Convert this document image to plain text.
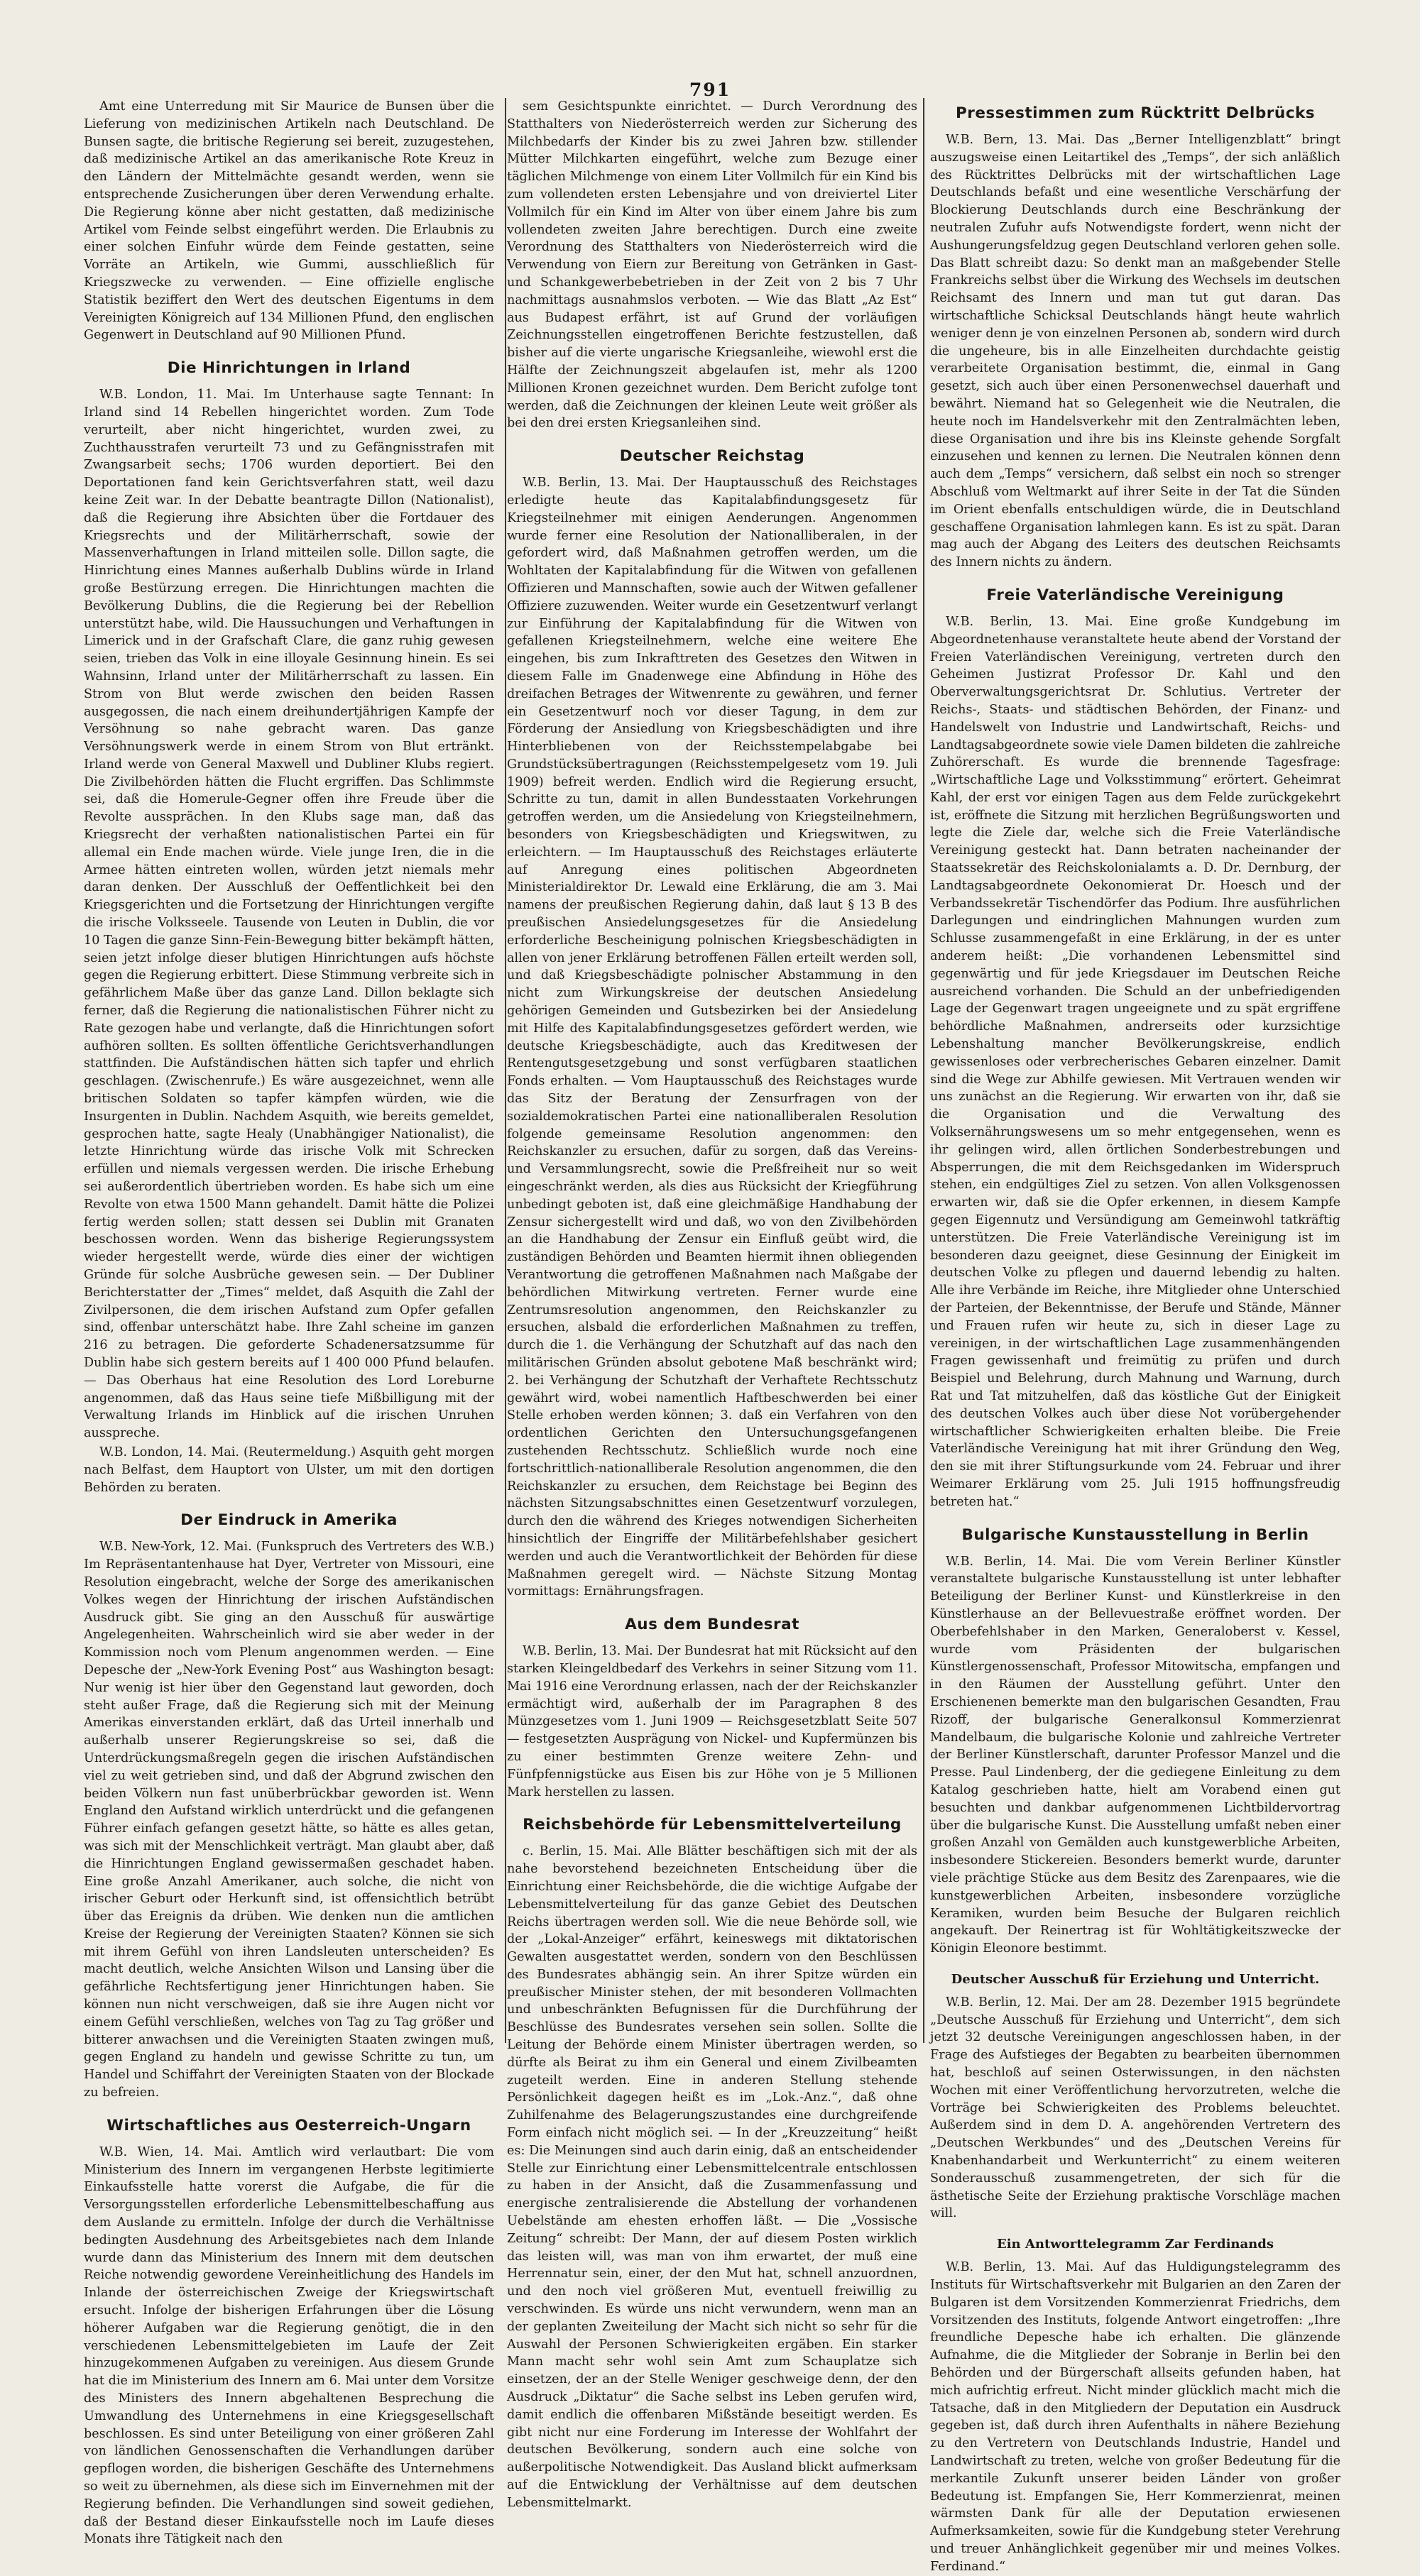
791

Amt eine Unterredung mit Sir Maurice de Bunsen über die Lieferung von medizinischen Artikeln nach Deutschland. De Bunsen sagte, die britische Regierung sei bereit, zuzugestehen, daß medizinische Artikel an das amerikanische Rote Kreuz in den Ländern der Mittelmächte gesandt werden, wenn sie entsprechende Zusicherungen über deren Verwendung erhalte. Die Regierung könne aber nicht gestatten, daß medizinische Artikel vom Feinde selbst eingeführt werden. Die Erlaubnis zu einer solchen Einfuhr würde dem Feinde gestatten, seine Vorräte an Artikeln, wie Gummi, ausschließlich für Kriegszwecke zu verwenden. — Eine offizielle englische Statistik beziffert den Wert des deutschen Eigentums in dem Vereinigten Königreich auf 134 Millionen Pfund, den englischen Gegenwert in Deutschland auf 90 Millionen Pfund.

Die Hinrichtungen in Irland

W.B. London, 11. Mai. Im Unterhause sagte Tennant: In Irland sind 14 Rebellen hingerichtet worden. Zum Tode verurteilt, aber nicht hingerichtet, wurden zwei, zu Zuchthausstrafen verurteilt 73 und zu Gefängnisstrafen mit Zwangsarbeit sechs; 1706 wurden deportiert. Bei den Deportationen fand kein Gerichtsverfahren statt, weil dazu keine Zeit war. In der Debatte beantragte Dillon (Nationalist), daß die Regierung ihre Absichten über die Fortdauer des Kriegsrechts und der Militärherrschaft, sowie der Massenverhaftungen in Irland mitteilen solle. Dillon sagte, die Hinrichtung eines Mannes außerhalb Dublins würde in Irland große Bestürzung erregen. Die Hinrichtungen machten die Bevölkerung Dublins, die die Regierung bei der Rebellion unterstützt habe, wild. Die Haussuchungen und Verhaftungen in Limerick und in der Grafschaft Clare, die ganz ruhig gewesen seien, trieben das Volk in eine illoyale Gesinnung hinein. Es sei Wahnsinn, Irland unter der Militärherrschaft zu lassen. Ein Strom von Blut werde zwischen den beiden Rassen ausgegossen, die nach einem dreihundertjährigen Kampfe der Versöhnung so nahe gebracht waren. Das ganze Versöhnungswerk werde in einem Strom von Blut ertränkt. Irland werde von General Maxwell und Dubliner Klubs regiert. Die Zivilbehörden hätten die Flucht ergriffen. Das Schlimmste sei, daß die Homerule-Gegner offen ihre Freude über die Revolte aussprächen. In den Klubs sage man, daß das Kriegsrecht der verhaßten nationalistischen Partei ein für allemal ein Ende machen würde. Viele junge Iren, die in die Armee hätten eintreten wollen, würden jetzt niemals mehr daran denken. Der Ausschluß der Oeffentlichkeit bei den Kriegsgerichten und die Fortsetzung der Hinrichtungen vergifte die irische Volksseele. Tausende von Leuten in Dublin, die vor 10 Tagen die ganze Sinn-Fein-Bewegung bitter bekämpft hätten, seien jetzt infolge dieser blutigen Hinrichtungen aufs höchste gegen die Regierung erbittert. Diese Stimmung verbreite sich in gefährlichem Maße über das ganze Land. Dillon beklagte sich ferner, daß die Regierung die nationalistischen Führer nicht zu Rate gezogen habe und verlangte, daß die Hinrichtungen sofort aufhören sollten. Es sollten öffentliche Gerichtsverhandlungen stattfinden. Die Aufständischen hätten sich tapfer und ehrlich geschlagen. (Zwischenrufe.) Es wäre ausgezeichnet, wenn alle britischen Soldaten so tapfer kämpfen würden, wie die Insurgenten in Dublin. Nachdem Asquith, wie bereits gemeldet, gesprochen hatte, sagte Healy (Unabhängiger Nationalist), die letzte Hinrichtung würde das irische Volk mit Schrecken erfüllen und niemals vergessen werden. Die irische Erhebung sei außerordentlich übertrieben worden. Es habe sich um eine Revolte von etwa 1500 Mann gehandelt. Damit hätte die Polizei fertig werden sollen; statt dessen sei Dublin mit Granaten beschossen worden. Wenn das bisherige Regierungssystem wieder hergestellt werde, würde dies einer der wichtigen Gründe für solche Ausbrüche gewesen sein. — Der Dubliner Berichterstatter der „Times“ meldet, daß Asquith die Zahl der Zivilpersonen, die dem irischen Aufstand zum Opfer gefallen sind, offenbar unterschätzt habe. Ihre Zahl scheine im ganzen 216 zu betragen. Die geforderte Schadenersatzsumme für Dublin habe sich gestern bereits auf 1 400 000 Pfund belaufen. — Das Oberhaus hat eine Resolution des Lord Loreburne angenommen, daß das Haus seine tiefe Mißbilligung mit der Verwaltung Irlands im Hinblick auf die irischen Unruhen ausspreche.

W.B. London, 14. Mai. (Reutermeldung.) Asquith geht morgen nach Belfast, dem Hauptort von Ulster, um mit den dortigen Behörden zu beraten.

Der Eindruck in Amerika

W.B. New-York, 12. Mai. (Funkspruch des Vertreters des W.B.) Im Repräsentantenhause hat Dyer, Vertreter von Missouri, eine Resolution eingebracht, welche der Sorge des amerikanischen Volkes wegen der Hinrichtung der irischen Aufständischen Ausdruck gibt. Sie ging an den Ausschuß für auswärtige Angelegenheiten. Wahrscheinlich wird sie aber weder in der Kommission noch vom Plenum angenommen werden. — Eine Depesche der „New-York Evening Post“ aus Washington besagt: Nur wenig ist hier über den Gegenstand laut geworden, doch steht außer Frage, daß die Regierung sich mit der Meinung Amerikas einverstanden erklärt, daß das Urteil innerhalb und außerhalb unserer Regierungskreise so sei, daß die Unterdrückungsmaßregeln gegen die irischen Aufständischen viel zu weit getrieben sind, und daß der Abgrund zwischen den beiden Völkern nun fast unüberbrückbar geworden ist. Wenn England den Aufstand wirklich unterdrückt und die gefangenen Führer einfach gefangen gesetzt hätte, so hätte es alles getan, was sich mit der Menschlichkeit verträgt. Man glaubt aber, daß die Hinrichtungen England gewissermaßen geschadet haben. Eine große Anzahl Amerikaner, auch solche, die nicht von irischer Geburt oder Herkunft sind, ist offensichtlich betrübt über das Ereignis da drüben. Wie denken nun die amtlichen Kreise der Regierung der Vereinigten Staaten? Können sie sich mit ihrem Gefühl von ihren Landsleuten unterscheiden? Es macht deutlich, welche Ansichten Wilson und Lansing über die gefährliche Rechtsfertigung jener Hinrichtungen haben. Sie können nun nicht verschweigen, daß sie ihre Augen nicht vor einem Gefühl verschließen, welches von Tag zu Tag größer und bitterer anwachsen und die Vereinigten Staaten zwingen muß, gegen England zu handeln und gewisse Schritte zu tun, um Handel und Schiffahrt der Vereinigten Staaten von der Blockade zu befreien.

Wirtschaftliches aus Oesterreich-Ungarn

W.B. Wien, 14. Mai. Amtlich wird verlautbart: Die vom Ministerium des Innern im vergangenen Herbste legitimierte Einkaufsstelle hatte vorerst die Aufgabe, die für die Versorgungsstellen erforderliche Lebensmittelbeschaffung aus dem Auslande zu ermitteln. Infolge der durch die Verhältnisse bedingten Ausdehnung des Arbeitsgebietes nach dem Inlande wurde dann das Ministerium des Innern mit dem deutschen Reiche notwendig gewordene Vereinheitlichung des Handels im Inlande der österreichischen Zweige der Kriegswirtschaft ersucht. Infolge der bisherigen Erfahrungen über die Lösung höherer Aufgaben war die Regierung genötigt, die in den verschiedenen Lebensmittelgebieten im Laufe der Zeit hinzugekommenen Aufgaben zu vereinigen. Aus diesem Grunde hat die im Ministerium des Innern am 6. Mai unter dem Vorsitze des Ministers des Innern abgehaltenen Besprechung die Umwandlung des Unternehmens in eine Kriegsgesellschaft beschlossen. Es sind unter Beteiligung von einer größeren Zahl von ländlichen Genossenschaften die Verhandlungen darüber gepflogen worden, die bisherigen Geschäfte des Unternehmens so weit zu übernehmen, als diese sich im Einvernehmen mit der Regierung befinden. Die Verhandlungen sind soweit gediehen, daß der Bestand dieser Einkaufsstelle noch im Laufe dieses Monats ihre Tätigkeit nach den

sem Gesichtspunkte einrichtet. — Durch Verordnung des Statthalters von Niederösterreich werden zur Sicherung des Milchbedarfs der Kinder bis zu zwei Jahren bzw. stillender Mütter Milchkarten eingeführt, welche zum Bezuge einer täglichen Milchmenge von einem Liter Vollmilch für ein Kind bis zum vollendeten ersten Lebensjahre und von dreiviertel Liter Vollmilch für ein Kind im Alter von über einem Jahre bis zum vollendeten zweiten Jahre berechtigen. Durch eine zweite Verordnung des Statthalters von Niederösterreich wird die Verwendung von Eiern zur Bereitung von Getränken in Gast- und Schankgewerbebetrieben in der Zeit von 2 bis 7 Uhr nachmittags ausnahmslos verboten. — Wie das Blatt „Az Est“ aus Budapest erfährt, ist auf Grund der vorläufigen Zeichnungsstellen eingetroffenen Berichte festzustellen, daß bisher auf die vierte ungarische Kriegsanleihe, wiewohl erst die Hälfte der Zeichnungszeit abgelaufen ist, mehr als 1200 Millionen Kronen gezeichnet wurden. Dem Bericht zufolge tont werden, daß die Zeichnungen der kleinen Leute weit größer als bei den drei ersten Kriegsanleihen sind.

Deutscher Reichstag

W.B. Berlin, 13. Mai. Der Hauptausschuß des Reichstages erledigte heute das Kapitalabfindungsgesetz für Kriegsteilnehmer mit einigen Aenderungen. Angenommen wurde ferner eine Resolution der Nationalliberalen, in der gefordert wird, daß Maßnahmen getroffen werden, um die Wohltaten der Kapitalabfindung für die Witwen von gefallenen Offizieren und Mannschaften, sowie auch der Witwen gefallener Offiziere zuzuwenden. Weiter wurde ein Gesetzentwurf verlangt zur Einführung der Kapitalabfindung für die Witwen von gefallenen Kriegsteilnehmern, welche eine weitere Ehe eingehen, bis zum Inkrafttreten des Gesetzes den Witwen in diesem Falle im Gnadenwege eine Abfindung in Höhe des dreifachen Betrages der Witwenrente zu gewähren, und ferner ein Gesetzentwurf noch vor dieser Tagung, in dem zur Förderung der Ansiedlung von Kriegsbeschädigten und ihre Hinterbliebenen von der Reichsstempelabgabe bei Grundstücksübertragungen (Reichsstempelgesetz vom 19. Juli 1909) befreit werden. Endlich wird die Regierung ersucht, Schritte zu tun, damit in allen Bundesstaaten Vorkehrungen getroffen werden, um die Ansiedelung von Kriegsteilnehmern, besonders von Kriegsbeschädigten und Kriegswitwen, zu erleichtern. — Im Hauptausschuß des Reichstages erläuterte auf Anregung eines politischen Abgeordneten Ministerialdirektor Dr. Lewald eine Erklärung, die am 3. Mai namens der preußischen Regierung dahin, daß laut § 13 B des preußischen Ansiedelungsgesetzes für die Ansiedelung erforderliche Bescheinigung polnischen Kriegsbeschädigten in allen von jener Erklärung betroffenen Fällen erteilt werden soll, und daß Kriegsbeschädigte polnischer Abstammung in den nicht zum Wirkungskreise der deutschen Ansiedelung gehörigen Gemeinden und Gutsbezirken bei der Ansiedelung mit Hilfe des Kapitalabfindungsgesetzes gefördert werden, wie deutsche Kriegsbeschädigte, auch das Kreditwesen der Rentengutsgesetzgebung und sonst verfügbaren staatlichen Fonds erhalten. — Vom Hauptausschuß des Reichstages wurde das Sitz der Beratung der Zensurfragen von der sozialdemokratischen Partei eine nationalliberalen Resolution folgende gemeinsame Resolution angenommen: den Reichskanzler zu ersuchen, dafür zu sorgen, daß das Vereins- und Versammlungsrecht, sowie die Preßfreiheit nur so weit eingeschränkt werden, als dies aus Rücksicht der Kriegführung unbedingt geboten ist, daß eine gleichmäßige Handhabung der Zensur sichergestellt wird und daß, wo von den Zivilbehörden an die Handhabung der Zensur ein Einfluß geübt wird, die zuständigen Behörden und Beamten hiermit ihnen obliegenden Verantwortung die getroffenen Maßnahmen nach Maßgabe der behördlichen Mitwirkung vertreten. Ferner wurde eine Zentrumsresolution angenommen, den Reichskanzler zu ersuchen, alsbald die erforderlichen Maßnahmen zu treffen, durch die 1. die Verhängung der Schutzhaft auf das nach den militärischen Gründen absolut gebotene Maß beschränkt wird; 2. bei Verhängung der Schutzhaft der Verhaftete Rechtsschutz gewährt wird, wobei namentlich Haftbeschwerden bei einer Stelle erhoben werden können; 3. daß ein Verfahren von den ordentlichen Gerichten den Untersuchungsgefangenen zustehenden Rechtsschutz. Schließlich wurde noch eine fortschrittlich-nationalliberale Resolution angenommen, die den Reichskanzler zu ersuchen, dem Reichstage bei Beginn des nächsten Sitzungsabschnittes einen Gesetzentwurf vorzulegen, durch den die während des Krieges notwendigen Sicherheiten hinsichtlich der Eingriffe der Militärbefehlshaber gesichert werden und auch die Verantwortlichkeit der Behörden für diese Maßnahmen geregelt wird. — Nächste Sitzung Montag vormittags: Ernährungsfragen.

Aus dem Bundesrat

W.B. Berlin, 13. Mai. Der Bundesrat hat mit Rücksicht auf den starken Kleingeldbedarf des Verkehrs in seiner Sitzung vom 11. Mai 1916 eine Verordnung erlassen, nach der der Reichskanzler ermächtigt wird, außerhalb der im Paragraphen 8 des Münzgesetzes vom 1. Juni 1909 — Reichsgesetzblatt Seite 507 — festgesetzten Ausprägung von Nickel- und Kupfermünzen bis zu einer bestimmten Grenze weitere Zehn- und Fünfpfennigstücke aus Eisen bis zur Höhe von je 5 Millionen Mark herstellen zu lassen.

Reichsbehörde für Lebensmittelverteilung

c. Berlin, 15. Mai. Alle Blätter beschäftigen sich mit der als nahe bevorstehend bezeichneten Entscheidung über die Einrichtung einer Reichsbehörde, die die wichtige Aufgabe der Lebensmittelverteilung für das ganze Gebiet des Deutschen Reichs übertragen werden soll. Wie die neue Behörde soll, wie der „Lokal-Anzeiger“ erfährt, keineswegs mit diktatorischen Gewalten ausgestattet werden, sondern von den Beschlüssen des Bundesrates abhängig sein. An ihrer Spitze würden ein preußischer Minister stehen, der mit besonderen Vollmachten und unbeschränkten Befugnissen für die Durchführung der Beschlüsse des Bundesrates versehen sein sollen. Sollte die Leitung der Behörde einem Minister übertragen werden, so dürfte als Beirat zu ihm ein General und einem Zivilbeamten zugeteilt werden. Eine in anderen Stellung stehende Persönlichkeit dagegen heißt es im „Lok.-Anz.“, daß ohne Zuhilfenahme des Belagerungszustandes eine durchgreifende Form einfach nicht möglich sei. — In der „Kreuzzeitung“ heißt es: Die Meinungen sind auch darin einig, daß an entscheidender Stelle zur Einrichtung einer Lebensmittelcentrale entschlossen zu haben in der Ansicht, daß die Zusammenfassung und energische zentralisierende die Abstellung der vorhandenen Uebelstände am ehesten erhoffen läßt. — Die „Vossische Zeitung“ schreibt: Der Mann, der auf diesem Posten wirklich das leisten will, was man von ihm erwartet, der muß eine Herrennatur sein, einer, der den Mut hat, schnell anzuordnen, und den noch viel größeren Mut, eventuell freiwillig zu verschwinden. Es würde uns nicht verwundern, wenn man an der geplanten Zweiteilung der Macht sich nicht so sehr für die Auswahl der Personen Schwierigkeiten ergäben. Ein starker Mann macht sehr wohl sein Amt zum Schauplatze sich einsetzen, der an der Stelle Weniger geschweige denn, der den Ausdruck „Diktatur“ die Sache selbst ins Leben gerufen wird, damit endlich die offenbaren Mißstände beseitigt werden. Es gibt nicht nur eine Forderung im Interesse der Wohlfahrt der deutschen Bevölkerung, sondern auch eine solche von außerpolitische Notwendigkeit. Das Ausland blickt aufmerksam auf die Entwicklung der Verhältnisse auf dem deutschen Lebensmittelmarkt.

Pressestimmen zum Rücktritt Delbrücks

W.B. Bern, 13. Mai. Das „Berner Intelligenzblatt“ bringt auszugsweise einen Leitartikel des „Temps“, der sich anläßlich des Rücktrittes Delbrücks mit der wirtschaftlichen Lage Deutschlands befaßt und eine wesentliche Verschärfung der Blockierung Deutschlands durch eine Beschränkung der neutralen Zufuhr aufs Notwendigste fordert, wenn nicht der Aushungerungsfeldzug gegen Deutschland verloren gehen solle. Das Blatt schreibt dazu: So denkt man an maßgebender Stelle Frankreichs selbst über die Wirkung des Wechsels im deutschen Reichsamt des Innern und man tut gut daran. Das wirtschaftliche Schicksal Deutschlands hängt heute wahrlich weniger denn je von einzelnen Personen ab, sondern wird durch die ungeheure, bis in alle Einzelheiten durchdachte geistig verarbeitete Organisation bestimmt, die, einmal in Gang gesetzt, sich auch über einen Personenwechsel dauerhaft und bewährt. Niemand hat so Gelegenheit wie die Neutralen, die heute noch im Handelsverkehr mit den Zentralmächten leben, diese Organisation und ihre bis ins Kleinste gehende Sorgfalt einzusehen und kennen zu lernen. Die Neutralen können denn auch dem „Temps“ versichern, daß selbst ein noch so strenger Abschluß vom Weltmarkt auf ihrer Seite in der Tat die Sünden im Orient ebenfalls entschuldigen würde, die in Deutschland geschaffene Organisation lahmlegen kann. Es ist zu spät. Daran mag auch der Abgang des Leiters des deutschen Reichsamts des Innern nichts zu ändern.

Freie Vaterländische Vereinigung

W.B. Berlin, 13. Mai. Eine große Kundgebung im Abgeordnetenhause veranstaltete heute abend der Vorstand der Freien Vaterländischen Vereinigung, vertreten durch den Geheimen Justizrat Professor Dr. Kahl und den Oberverwaltungsgerichtsrat Dr. Schlutius. Vertreter der Reichs-, Staats- und städtischen Behörden, der Finanz- und Handelswelt von Industrie und Landwirtschaft, Reichs- und Landtagsabgeordnete sowie viele Damen bildeten die zahlreiche Zuhörerschaft. Es wurde die brennende Tagesfrage: „Wirtschaftliche Lage und Volksstimmung“ erörtert. Geheimrat Kahl, der erst vor einigen Tagen aus dem Felde zurückgekehrt ist, eröffnete die Sitzung mit herzlichen Begrüßungsworten und legte die Ziele dar, welche sich die Freie Vaterländische Vereinigung gesteckt hat. Dann betraten nacheinander der Staatssekretär des Reichskolonialamts a. D. Dr. Dernburg, der Landtagsabgeordnete Oekonomierat Dr. Hoesch und der Verbandssekretär Tischendörfer das Podium. Ihre ausführlichen Darlegungen und eindringlichen Mahnungen wurden zum Schlusse zusammengefaßt in eine Erklärung, in der es unter anderem heißt: „Die vorhandenen Lebensmittel sind gegenwärtig und für jede Kriegsdauer im Deutschen Reiche ausreichend vorhanden. Die Schuld an der unbefriedigenden Lage der Gegenwart tragen ungeeignete und zu spät ergriffene behördliche Maßnahmen, andrerseits oder kurzsichtige Lebenshaltung mancher Bevölkerungskreise, endlich gewissenloses oder verbrecherisches Gebaren einzelner. Damit sind die Wege zur Abhilfe gewiesen. Mit Vertrauen wenden wir uns zunächst an die Regierung. Wir erwarten von ihr, daß sie die Organisation und die Verwaltung des Volksernährungswesens um so mehr entgegensehen, wenn es ihr gelingen wird, allen örtlichen Sonderbestrebungen und Absperrungen, die mit dem Reichsgedanken im Widerspruch stehen, ein endgültiges Ziel zu setzen. Von allen Volksgenossen erwarten wir, daß sie die Opfer erkennen, in diesem Kampfe gegen Eigennutz und Versündigung am Gemeinwohl tatkräftig unterstützen. Die Freie Vaterländische Vereinigung ist im besonderen dazu geeignet, diese Gesinnung der Einigkeit im deutschen Volke zu pflegen und dauernd lebendig zu halten. Alle ihre Verbände im Reiche, ihre Mitglieder ohne Unterschied der Parteien, der Bekenntnisse, der Berufe und Stände, Männer und Frauen rufen wir heute zu, sich in dieser Lage zu vereinigen, in der wirtschaftlichen Lage zusammenhängenden Fragen gewissenhaft und freimütig zu prüfen und durch Beispiel und Belehrung, durch Mahnung und Warnung, durch Rat und Tat mitzuhelfen, daß das köstliche Gut der Einigkeit des deutschen Volkes auch über diese Not vorübergehender wirtschaftlicher Schwierigkeiten erhalten bleibe. Die Freie Vaterländische Vereinigung hat mit ihrer Gründung den Weg, den sie mit ihrer Stiftungsurkunde vom 24. Februar und ihrer Weimarer Erklärung vom 25. Juli 1915 hoffnungsfreudig betreten hat.“

Bulgarische Kunstausstellung in Berlin

W.B. Berlin, 14. Mai. Die vom Verein Berliner Künstler veranstaltete bulgarische Kunstausstellung ist unter lebhafter Beteiligung der Berliner Kunst- und Künstlerkreise in den Künstlerhause an der Bellevuestraße eröffnet worden. Der Oberbefehlshaber in den Marken, Generaloberst v. Kessel, wurde vom Präsidenten der bulgarischen Künstlergenossenschaft, Professor Mitowitscha, empfangen und in den Räumen der Ausstellung geführt. Unter den Erschienenen bemerkte man den bulgarischen Gesandten, Frau Rizoff, der bulgarische Generalkonsul Kommerzienrat Mandelbaum, die bulgarische Kolonie und zahlreiche Vertreter der Berliner Künstlerschaft, darunter Professor Manzel und die Presse. Paul Lindenberg, der die gediegene Einleitung zu dem Katalog geschrieben hatte, hielt am Vorabend einen gut besuchten und dankbar aufgenommenen Lichtbildervortrag über die bulgarische Kunst. Die Ausstellung umfaßt neben einer großen Anzahl von Gemälden auch kunstgewerbliche Arbeiten, insbesondere Stickereien. Besonders bemerkt wurde, darunter viele prächtige Stücke aus dem Besitz des Zarenpaares, wie die kunstgewerblichen Arbeiten, insbesondere vorzügliche Keramiken, wurden beim Besuche der Bulgaren reichlich angekauft. Der Reinertrag ist für Wohltätigkeitszwecke der Königin Eleonore bestimmt.

Deutscher Ausschuß für Erziehung und Unterricht.

W.B. Berlin, 12. Mai. Der am 28. Dezember 1915 begründete „Deutsche Ausschuß für Erziehung und Unterricht“, dem sich jetzt 32 deutsche Vereinigungen angeschlossen haben, in der Frage des Aufstieges der Begabten zu bearbeiten übernommen hat, beschloß auf seinen Osterwissungen, in den nächsten Wochen mit einer Veröffentlichung hervorzutreten, welche die Vorträge bei Schwierigkeiten des Problems beleuchtet. Außerdem sind in dem D. A. angehörenden Vertretern des „Deutschen Werkbundes“ und des „Deutschen Vereins für Knabenhandarbeit und Werkunterricht“ zu einem weiteren Sonderausschuß zusammengetreten, der sich für die ästhetische Seite der Erziehung praktische Vorschläge machen will.

Ein Antworttelegramm Zar Ferdinands

W.B. Berlin, 13. Mai. Auf das Huldigungstelegramm des Instituts für Wirtschaftsverkehr mit Bulgarien an den Zaren der Bulgaren ist dem Vorsitzenden Kommerzienrat Friedrichs, dem Vorsitzenden des Instituts, folgende Antwort eingetroffen: „Ihre freundliche Depesche habe ich erhalten. Die glänzende Aufnahme, die die Mitglieder der Sobranje in Berlin bei den Behörden und der Bürgerschaft allseits gefunden haben, hat mich aufrichtig erfreut. Nicht minder glücklich macht mich die Tatsache, daß in den Mitgliedern der Deputation ein Ausdruck gegeben ist, daß durch ihren Aufenthalts in nähere Beziehung zu den Vertretern von Deutschlands Industrie, Handel und Landwirtschaft zu treten, welche von großer Bedeutung für die merkantile Zukunft unserer beiden Länder von großer Bedeutung ist. Empfangen Sie, Herr Kommerzienrat, meinen wärmsten Dank für alle der Deputation erwiesenen Aufmerksamkeiten, sowie für die Kundgebung steter Verehrung und treuer Anhänglichkeit gegenüber mir und meines Volkes. Ferdinand.“
